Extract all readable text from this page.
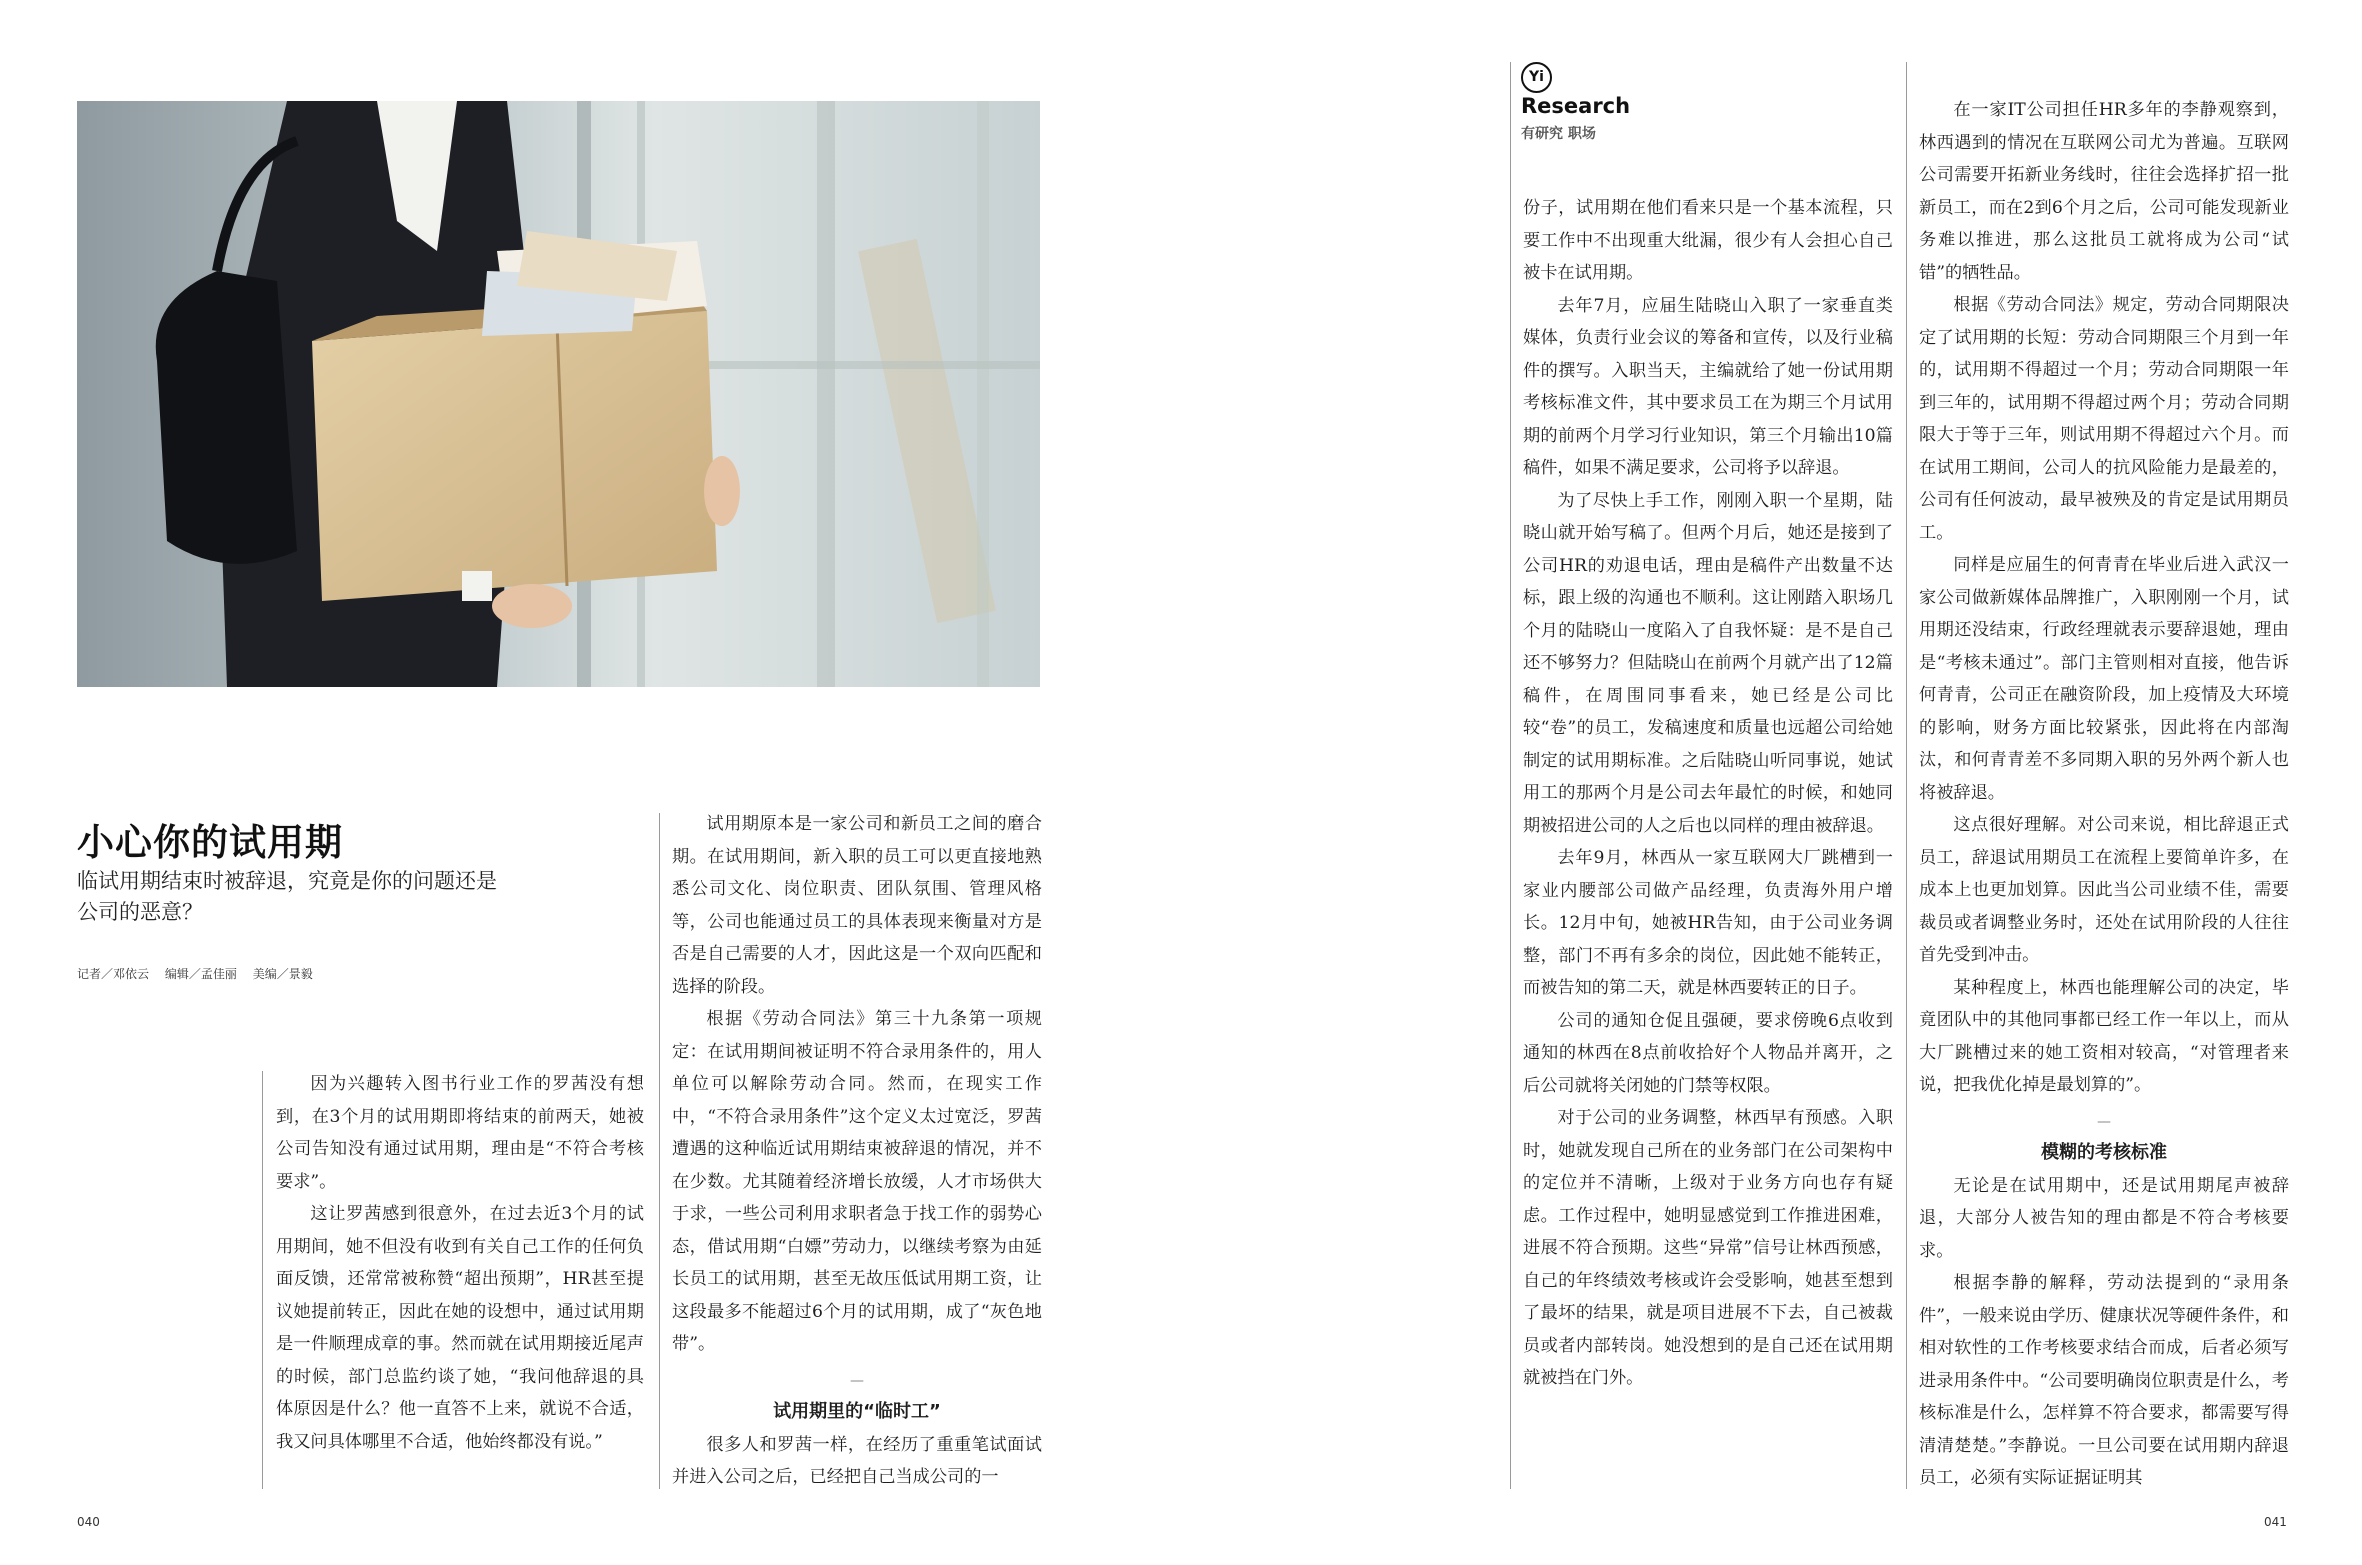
小心你的试用期
临试用期结束时被辞退，究竟是你的问题还是公司的恶意？
记者／邓依云 编辑／孟佳丽 美编／景毅

因为兴趣转入图书行业工作的罗茜没有想到，在3个月的试用期即将结束的前两天，她被公司告知没有通过试用期，理由是“不符合考核要求”。

这让罗茜感到很意外，在过去近3个月的试用期间，她不但没有收到有关自己工作的任何负面反馈，还常常被称赞“超出预期”，HR甚至提议她提前转正，因此在她的设想中，通过试用期是一件顺理成章的事。然而就在试用期接近尾声的时候，部门总监约谈了她，“我问他辞退的具体原因是什么？他一直答不上来，就说不合适，我又问具体哪里不合适，他始终都没有说。”

试用期原本是一家公司和新员工之间的磨合期。在试用期间，新入职的员工可以更直接地熟悉公司文化、岗位职责、团队氛围、管理风格等，公司也能通过员工的具体表现来衡量对方是否是自己需要的人才，因此这是一个双向匹配和选择的阶段。

根据《劳动合同法》第三十九条第一项规定：在试用期间被证明不符合录用条件的，用人单位可以解除劳动合同。然而，在现实工作中，“不符合录用条件”这个定义太过宽泛，罗茜遭遇的这种临近试用期结束被辞退的情况，并不在少数。尤其随着经济增长放缓，人才市场供大于求，一些公司利用求职者急于找工作的弱势心态，借试用期“白嫖”劳动力，以继续考察为由延长员工的试用期，甚至无故压低试用期工资，让这段最多不能超过6个月的试用期，成了“灰色地带”。

—
试用期里的“临时工”

很多人和罗茜一样，在经历了重重笔试面试并进入公司之后，已经把自己当成公司的一

040
Yi
Research
有研究 职场

份子，试用期在他们看来只是一个基本流程，只要工作中不出现重大纰漏，很少有人会担心自己被卡在试用期。

去年7月，应届生陆晓山入职了一家垂直类媒体，负责行业会议的筹备和宣传，以及行业稿件的撰写。入职当天，主编就给了她一份试用期考核标准文件，其中要求员工在为期三个月试用期的前两个月学习行业知识，第三个月输出10篇稿件，如果不满足要求，公司将予以辞退。

为了尽快上手工作，刚刚入职一个星期，陆晓山就开始写稿了。但两个月后，她还是接到了公司HR的劝退电话，理由是稿件产出数量不达标，跟上级的沟通也不顺利。这让刚踏入职场几个月的陆晓山一度陷入了自我怀疑：是不是自己还不够努力？但陆晓山在前两个月就产出了12篇稿件，在周围同事看来，她已经是公司比较“卷”的员工，发稿速度和质量也远超公司给她制定的试用期标准。之后陆晓山听同事说，她试用工的那两个月是公司去年最忙的时候，和她同期被招进公司的人之后也以同样的理由被辞退。

去年9月，林西从一家互联网大厂跳槽到一家业内腰部公司做产品经理，负责海外用户增长。12月中旬，她被HR告知，由于公司业务调整，部门不再有多余的岗位，因此她不能转正，而被告知的第二天，就是林西要转正的日子。

公司的通知仓促且强硬，要求傍晚6点收到通知的林西在8点前收拾好个人物品并离开，之后公司就将关闭她的门禁等权限。

对于公司的业务调整，林西早有预感。入职时，她就发现自己所在的业务部门在公司架构中的定位并不清晰，上级对于业务方向也存有疑虑。工作过程中，她明显感觉到工作推进困难，进展不符合预期。这些“异常”信号让林西预感，自己的年终绩效考核或许会受影响，她甚至想到了最坏的结果，就是项目进展不下去，自己被裁员或者内部转岗。她没想到的是自己还在试用期就被挡在门外。

在一家IT公司担任HR多年的李静观察到，林西遇到的情况在互联网公司尤为普遍。互联网公司需要开拓新业务线时，往往会选择扩招一批新员工，而在2到6个月之后，公司可能发现新业务难以推进，那么这批员工就将成为公司“试错”的牺牲品。

根据《劳动合同法》规定，劳动合同期限决定了试用期的长短：劳动合同期限三个月到一年的，试用期不得超过一个月；劳动合同期限一年到三年的，试用期不得超过两个月；劳动合同期限大于等于三年，则试用期不得超过六个月。而在试用工期间，公司人的抗风险能力是最差的，公司有任何波动，最早被殃及的肯定是试用期员工。

同样是应届生的何青青在毕业后进入武汉一家公司做新媒体品牌推广，入职刚刚一个月，试用期还没结束，行政经理就表示要辞退她，理由是“考核未通过”。部门主管则相对直接，他告诉何青青，公司正在融资阶段，加上疫情及大环境的影响，财务方面比较紧张，因此将在内部淘汰，和何青青差不多同期入职的另外两个新人也将被辞退。

这点很好理解。对公司来说，相比辞退正式员工，辞退试用期员工在流程上要简单许多，在成本上也更加划算。因此当公司业绩不佳，需要裁员或者调整业务时，还处在试用阶段的人往往首先受到冲击。

某种程度上，林西也能理解公司的决定，毕竟团队中的其他同事都已经工作一年以上，而从大厂跳槽过来的她工资相对较高，“对管理者来说，把我优化掉是最划算的”。

—
模糊的考核标准

无论是在试用期中，还是试用期尾声被辞退，大部分人被告知的理由都是不符合考核要求。

根据李静的解释，劳动法提到的“录用条件”，一般来说由学历、健康状况等硬件条件，和相对软性的工作考核要求结合而成，后者必须写进录用条件中。“公司要明确岗位职责是什么，考核标准是什么，怎样算不符合要求，都需要写得清清楚楚。”李静说。一旦公司要在试用期内辞退员工，必须有实际证据证明其

041
